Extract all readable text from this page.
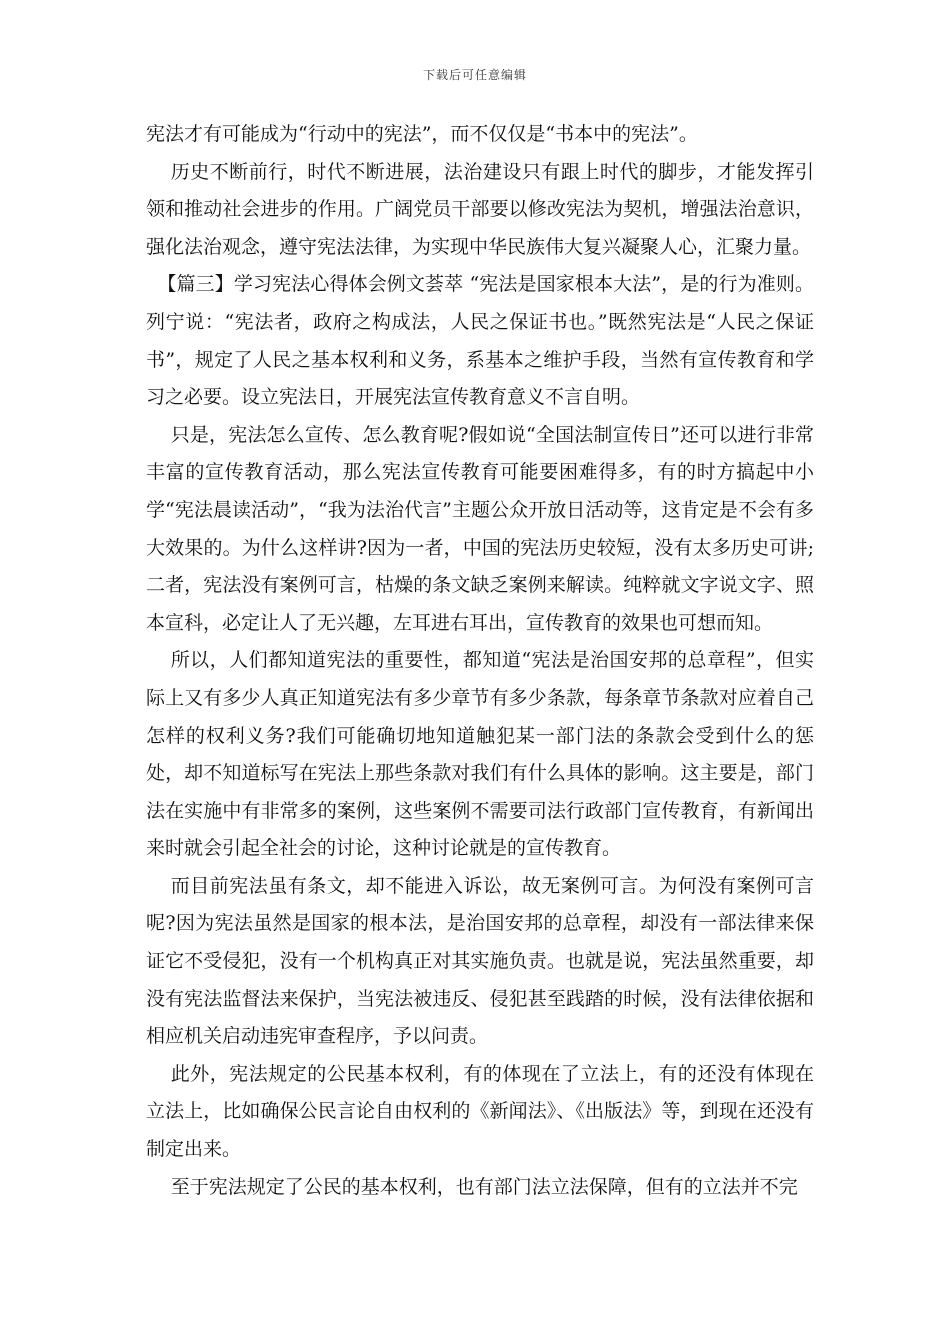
下载后可任意编辑

宪法才有可能成为“行动中的宪法”，而不仅仅是“书本中的宪法”。

历史不断前行，时代不断进展，法治建设只有跟上时代的脚步，才能发挥引领和推动社会进步的作用。广阔党员干部要以修改宪法为契机，增强法治意识，强化法治观念，遵守宪法法律，为实现中华民族伟大复兴凝聚人心，汇聚力量。

【篇三】学习宪法心得体会例文荟萃 “宪法是国家根本大法”，是的行为准则。列宁说：“宪法者，政府之构成法，人民之保证书也。”既然宪法是“人民之保证书”，规定了人民之基本权利和义务，系基本之维护手段，当然有宣传教育和学习之必要。设立宪法日，开展宪法宣传教育意义不言自明。

只是，宪法怎么宣传、怎么教育呢?假如说“全国法制宣传日”还可以进行非常丰富的宣传教育活动，那么宪法宣传教育可能要困难得多，有的时方搞起中小学“宪法晨读活动”，“我为法治代言”主题公众开放日活动等，这肯定是不会有多大效果的。为什么这样讲?因为一者，中国的宪法历史较短，没有太多历史可讲;二者，宪法没有案例可言，枯燥的条文缺乏案例来解读。纯粹就文字说文字、照本宣科，必定让人了无兴趣，左耳进右耳出，宣传教育的效果也可想而知。

所以，人们都知道宪法的重要性，都知道“宪法是治国安邦的总章程”，但实际上又有多少人真正知道宪法有多少章节有多少条款，每条章节条款对应着自己怎样的权利义务?我们可能确切地知道触犯某一部门法的条款会受到什么的惩处，却不知道标写在宪法上那些条款对我们有什么具体的影响。这主要是，部门法在实施中有非常多的案例，这些案例不需要司法行政部门宣传教育，有新闻出来时就会引起全社会的讨论，这种讨论就是的宣传教育。

而目前宪法虽有条文，却不能进入诉讼，故无案例可言。为何没有案例可言呢?因为宪法虽然是国家的根本法，是治国安邦的总章程，却没有一部法律来保证它不受侵犯，没有一个机构真正对其实施负责。也就是说，宪法虽然重要，却没有宪法监督法来保护，当宪法被违反、侵犯甚至践踏的时候，没有法律依据和相应机关启动违宪审查程序，予以问责。

此外，宪法规定的公民基本权利，有的体现在了立法上，有的还没有体现在立法上，比如确保公民言论自由权利的《新闻法》、《出版法》等，到现在还没有制定出来。

至于宪法规定了公民的基本权利，也有部门法立法保障，但有的立法并不完
